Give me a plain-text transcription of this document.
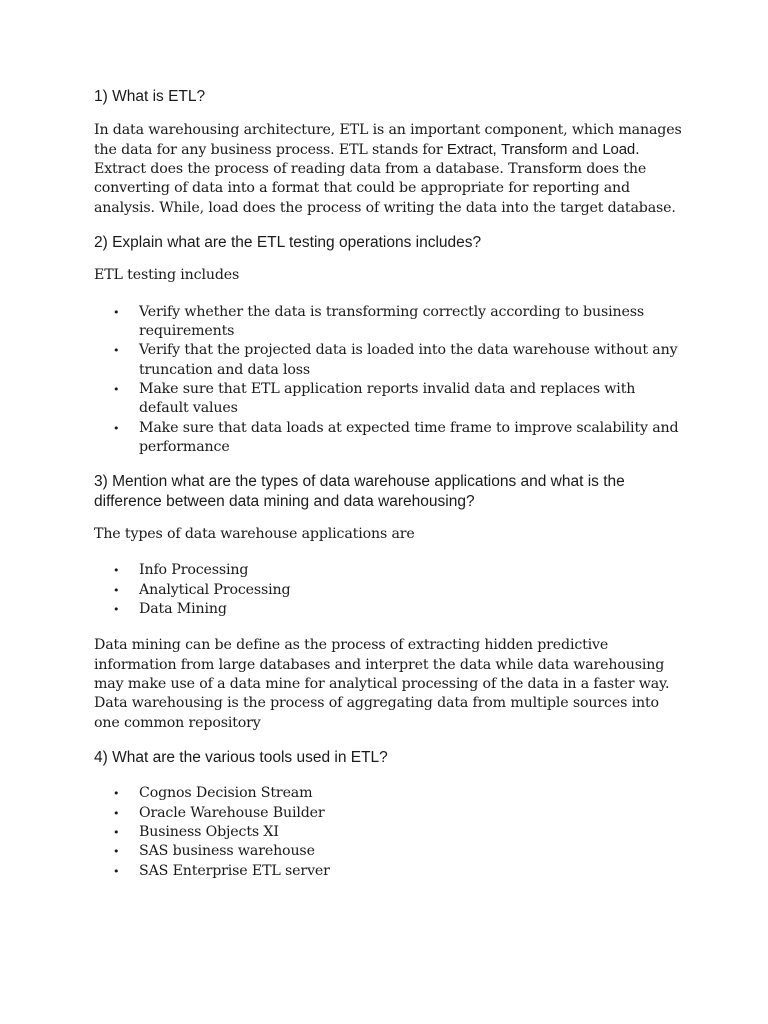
1) What is ETL?

In data warehousing architecture, ETL is an important component, which manages the data for any business process. ETL stands for Extract, Transform and Load. Extract does the process of reading data from a database. Transform does the converting of data into a format that could be appropriate for reporting and analysis. While, load does the process of writing the data into the target database.

2) Explain what are the ETL testing operations includes?

ETL testing includes

• Verify whether the data is transforming correctly according to business requirements
• Verify that the projected data is loaded into the data warehouse without any truncation and data loss
• Make sure that ETL application reports invalid data and replaces with default values
• Make sure that data loads at expected time frame to improve scalability and performance

3) Mention what are the types of data warehouse applications and what is the difference between data mining and data warehousing?

The types of data warehouse applications are

• Info Processing
• Analytical Processing
• Data Mining

Data mining can be define as the process of extracting hidden predictive information from large databases and interpret the data while data warehousing may make use of a data mine for analytical processing of the data in a faster way. Data warehousing is the process of aggregating data from multiple sources into one common repository

4) What are the various tools used in ETL?

• Cognos Decision Stream
• Oracle Warehouse Builder
• Business Objects XI
• SAS business warehouse
• SAS Enterprise ETL server
